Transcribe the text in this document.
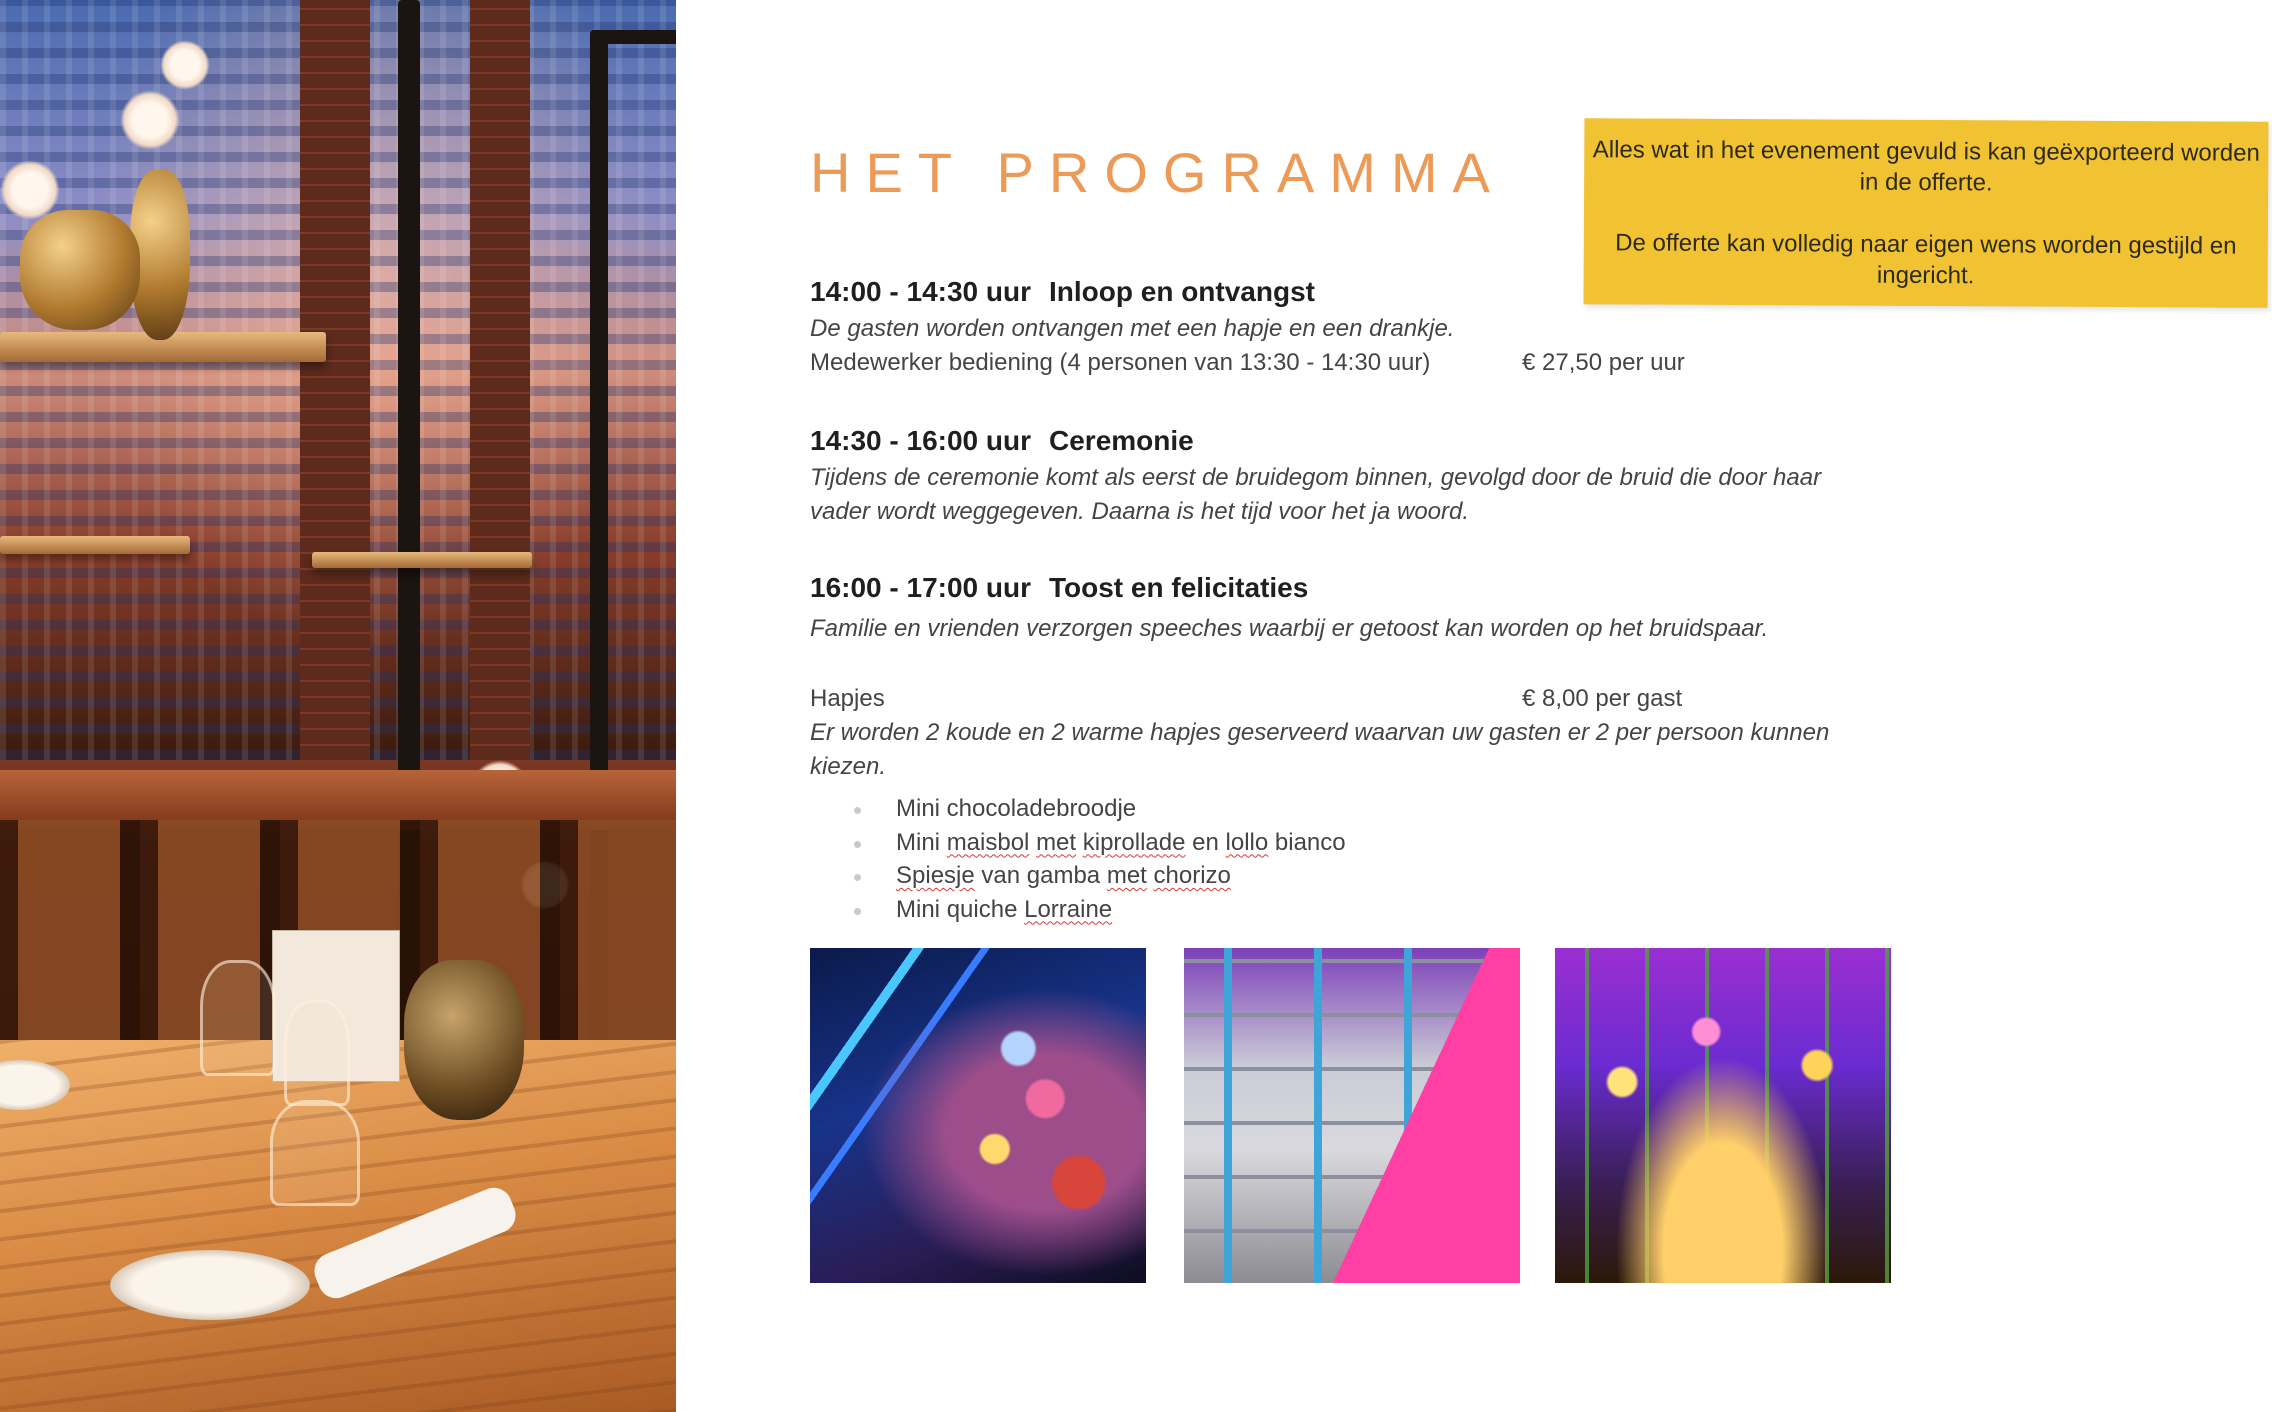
HET PROGRAMMA	Alles wat in het evenement gevuld is kan geëxporteerd worden in de offerte.

De offerte kan volledig naar eigen wens worden gestijld en ingericht.

14:00 - 14:30 uur Inloop en ontvangst
De gasten worden ontvangen met een hapje en een drankje.
Medewerker bediening (4 personen van 13:30 - 14:30 uur)	€ 27,50 per uur
14:30 - 16:00 uur Ceremonie
Tijdens de ceremonie komt als eerst de bruidegom binnen, gevolgd door de bruid die door haar vader wordt weggegeven. Daarna is het tijd voor het ja woord.
16:00 - 17:00 uur Toost en felicitaties
Familie en vrienden verzorgen speeches waarbij er getoost kan worden op het bruidspaar.
Hapjes	€ 8,00 per gast
Er worden 2 koude en 2 warme hapjes geserveerd waarvan uw gasten er 2 per persoon kunnen kiezen.
Mini chocoladebroodje
Mini maisbol met kiprollade en lollo bianco
Spiesje van gamba met chorizo
Mini quiche Lorraine
